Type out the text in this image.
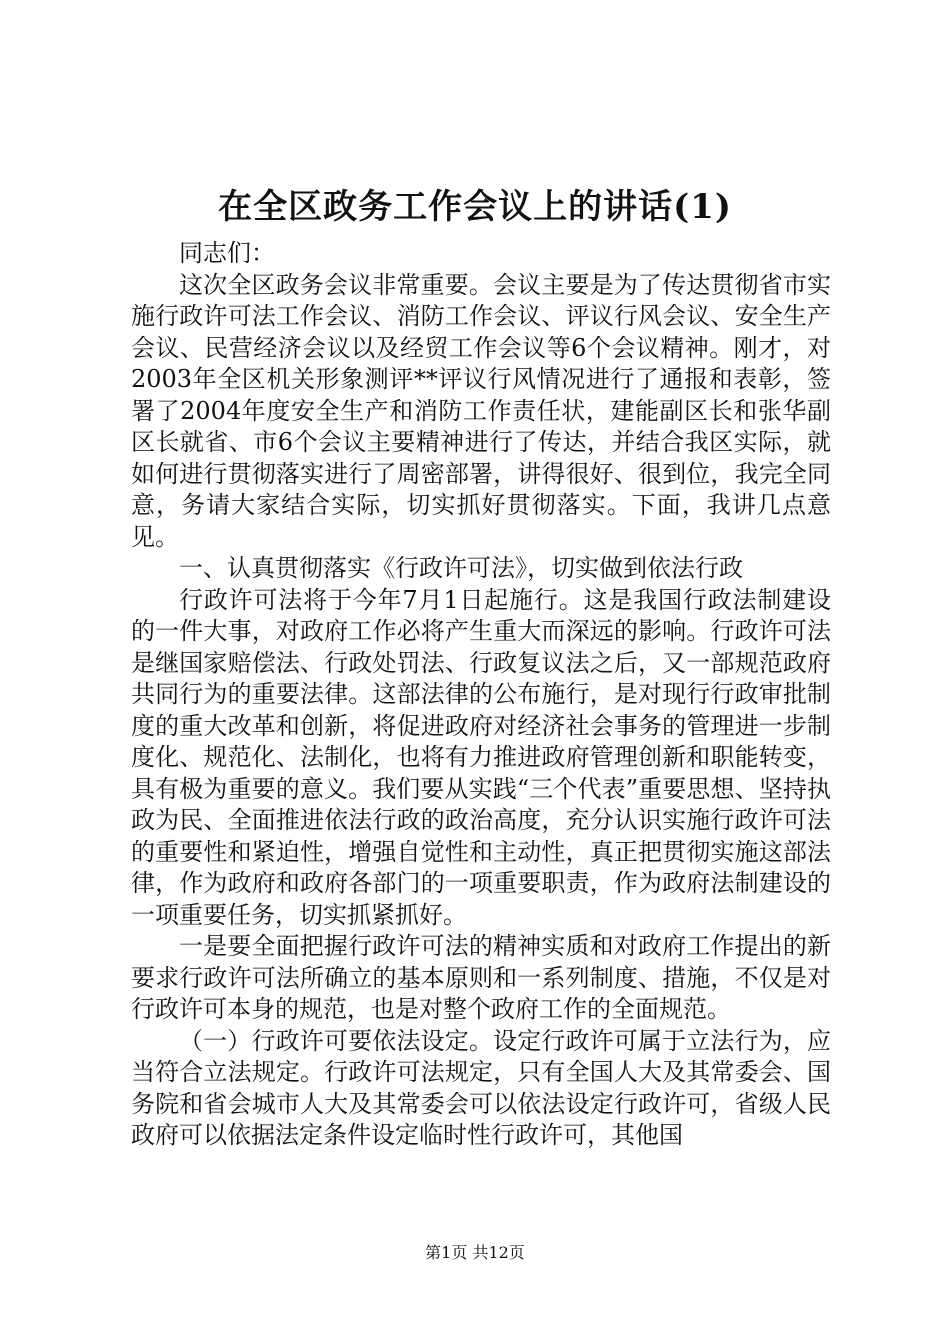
在全区政务工作会议上的讲话(1)

同志们：

这次全区政务会议非常重要。会议主要是为了传达贯彻省市实施行政许可法工作会议、消防工作会议、评议行风会议、安全生产会议、民营经济会议以及经贸工作会议等6个会议精神。刚才，对2003年全区机关形象测评**评议行风情况进行了通报和表彰，签署了2004年度安全生产和消防工作责任状，建能副区长和张华副区长就省、市6个会议主要精神进行了传达，并结合我区实际，就如何进行贯彻落实进行了周密部署，讲得很好、很到位，我完全同意，务请大家结合实际，切实抓好贯彻落实。下面，我讲几点意见。

一、认真贯彻落实《行政许可法》，切实做到依法行政

行政许可法将于今年7月1日起施行。这是我国行政法制建设的一件大事，对政府工作必将产生重大而深远的影响。行政许可法是继国家赔偿法、行政处罚法、行政复议法之后，又一部规范政府共同行为的重要法律。这部法律的公布施行，是对现行行政审批制度的重大改革和创新，将促进政府对经济社会事务的管理进一步制度化、规范化、法制化，也将有力推进政府管理创新和职能转变，具有极为重要的意义。我们要从实践“三个代表”重要思想、坚持执政为民、全面推进依法行政的政治高度，充分认识实施行政许可法的重要性和紧迫性，增强自觉性和主动性，真正把贯彻实施这部法律，作为政府和政府各部门的一项重要职责，作为政府法制建设的一项重要任务，切实抓紧抓好。

一是要全面把握行政许可法的精神实质和对政府工作提出的新要求行政许可法所确立的基本原则和一系列制度、措施，不仅是对行政许可本身的规范，也是对整个政府工作的全面规范。

（一）行政许可要依法设定。设定行政许可属于立法行为，应当符合立法规定。行政许可法规定，只有全国人大及其常委会、国务院和省会城市人大及其常委会可以依法设定行政许可，省级人民政府可以依据法定条件设定临时性行政许可，其他国

第1页 共12页
